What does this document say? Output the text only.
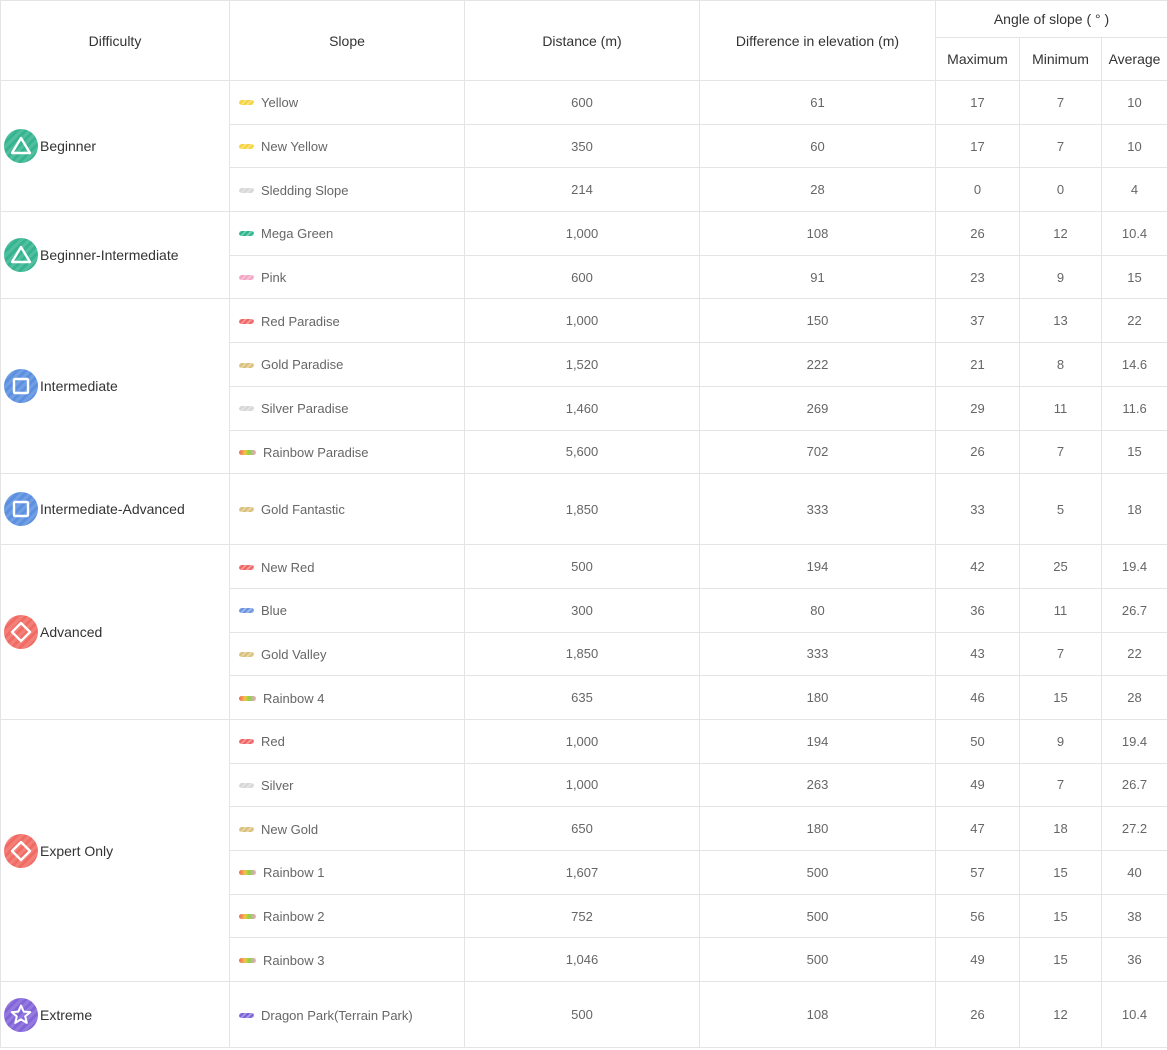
Difficulty	Slope	Distance (m)	Difference in elevation (m)	Angle of slope ( ° )		
				Maximum	Minimum	Average

Beginner	Yellow	600	61	17	7	10
	New Yellow	350	60	17	7	10
	Sledding Slope	214	28	0	0	4

Beginner-Intermediate	Mega Green	1,000	108	26	12	10.4
	Pink	600	91	23	9	15

Intermediate	Red Paradise	1,000	150	37	13	22
	Gold Paradise	1,520	222	21	8	14.6
	Silver Paradise	1,460	269	29	11	11.6
	Rainbow Paradise	5,600	702	26	7	15

Intermediate-Advanced	Gold Fantastic	1,850	333	33	5	18

Advanced	New Red	500	194	42	25	19.4
	Blue	300	80	36	11	26.7
	Gold Valley	1,850	333	43	7	22
	Rainbow 4	635	180	46	15	28

Expert Only	Red	1,000	194	50	9	19.4
	Silver	1,000	263	49	7	26.7
	New Gold	650	180	47	18	27.2
	Rainbow 1	1,607	500	57	15	40
	Rainbow 2	752	500	56	15	38
	Rainbow 3	1,046	500	49	15	36

Extreme	Dragon Park(Terrain Park)	500	108	26	12	10.4
